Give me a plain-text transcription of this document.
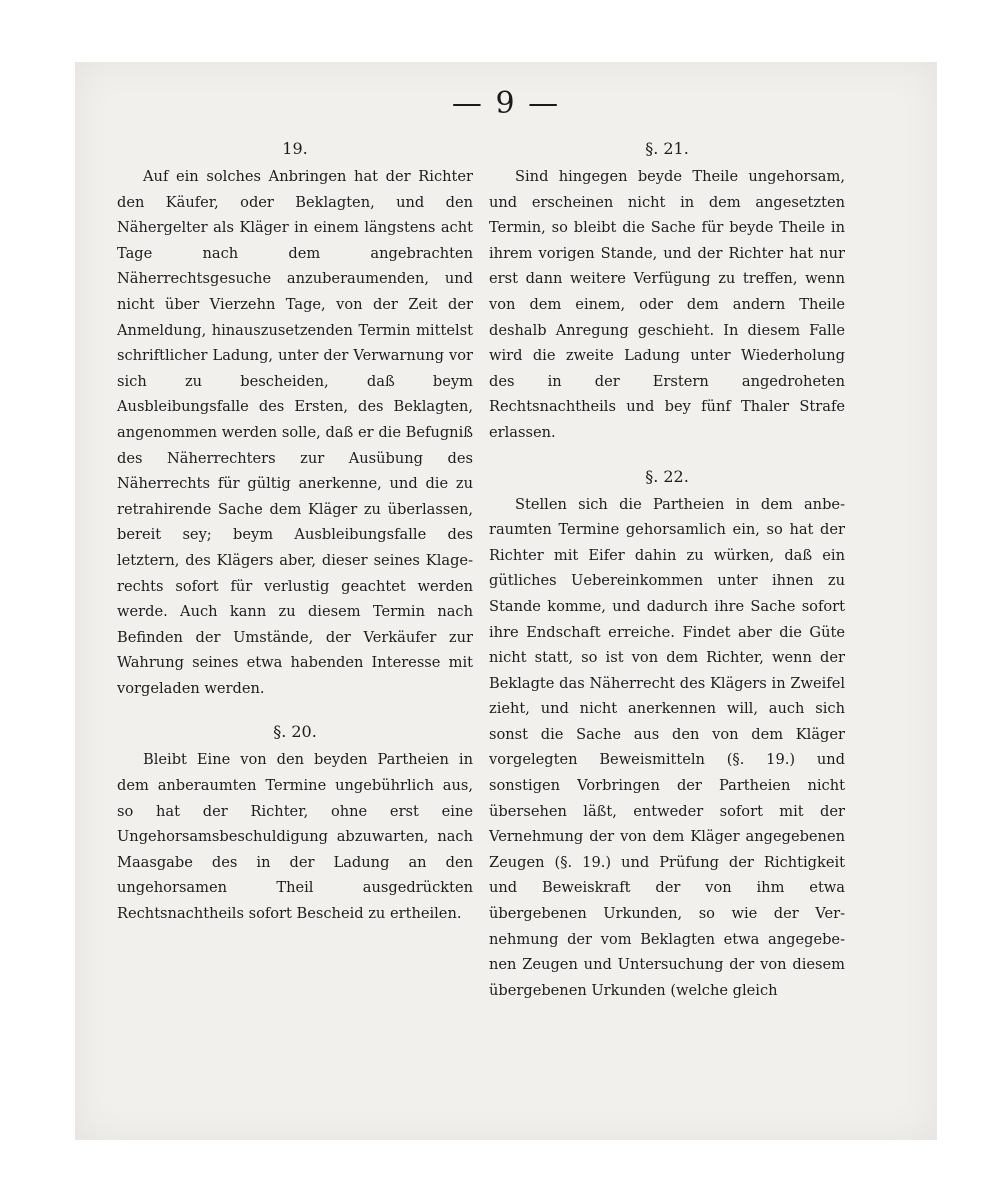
— 9 —
19.

Auf ein solches Anbringen hat der Richter den Käufer, oder Beklagten, und den Nähergelter als Kläger in einem längstens acht Tage nach dem angebrachten Näherrechtsgesuche anzuberaumenden, und nicht über Vierzehn Tage, von der Zeit der Anmeldung, hinauszusetzenden Termin mittelst schriftlicher Ladung, unter der Verwarnung vor sich zu bescheiden, daß beym Ausbleibungsfalle des Ersten, des Beklagten, angenommen werden solle, daß er die Befugniß des Näherrechters zur Ausübung des Näherrechts für gültig anerkenne, und die zu retrahirende Sache dem Kläger zu überlassen, bereit sey; beym Ausbleibungsfalle des letztern, des Klägers aber, dieser seines Klagerechts sofort für verlustig geachtet werden werde. Auch kann zu diesem Termin nach Befinden der Umstände, der Verkäufer zur Wahrung seines etwa habenden Interesse mit vorgeladen werden.

§. 20.

Bleibt Eine von den beyden Partheien in dem anberaumten Termine ungebührlich aus, so hat der Richter, ohne erst eine Ungehorsamsbeschuldigung abzuwarten, nach Maasgabe des in der Ladung an den ungehorsamen Theil ausgedrückten Rechtsnachtheils sofort Bescheid zu ertheilen.

§. 21.

Sind hingegen beyde Theile ungehorsam, und erscheinen nicht in dem angesetzten Termin, so bleibt die Sache für beyde Theile in ihrem vorigen Stande, und der Richter hat nur erst dann weitere Verfügung zu treffen, wenn von dem einem, oder dem andern Theile deshalb Anregung geschieht. In diesem Falle wird die zweite Ladung unter Wiederholung des in der Erstern angedroheten Rechtsnachtheils und bey fünf Thaler Strafe erlassen.

§. 22.

Stellen sich die Partheien in dem anberaumten Termine gehorsamlich ein, so hat der Richter mit Eifer dahin zu würken, daß ein gütliches Uebereinkommen unter ihnen zu Stande komme, und dadurch ihre Sache sofort ihre Endschaft erreiche. Findet aber die Güte nicht statt, so ist von dem Richter, wenn der Beklagte das Näherrecht des Klägers in Zweifel zieht, und nicht anerkennen will, auch sich sonst die Sache aus den von dem Kläger vorgelegten Beweismitteln (§. 19.) und sonstigen Vorbringen der Partheien nicht übersehen läßt, entweder sofort mit der Vernehmung der von dem Kläger angegebenen Zeugen (§. 19.) und Prüfung der Richtigkeit und Beweiskraft der von ihm etwa übergebenen Urkunden, so wie der Vernehmung der vom Beklagten etwa angegebenen Zeugen und Untersuchung der von diesem übergebenen Urkunden (welche gleich
